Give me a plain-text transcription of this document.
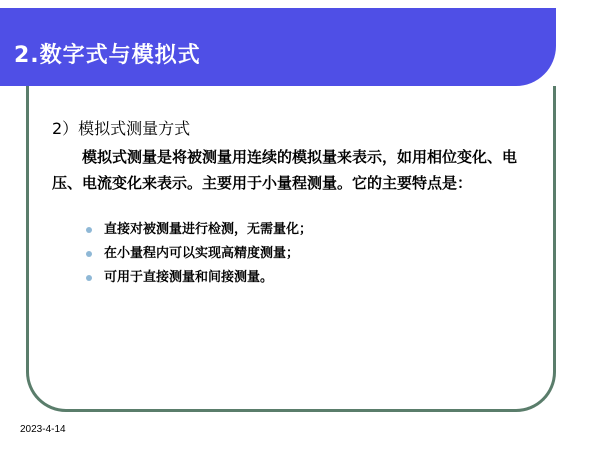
2.数字式与模拟式
2）模拟式测量方式
模拟式测量是将被测量用连续的模拟量来表示，如用相位变化、电压、电流变化来表示。主要用于小量程测量。它的主要特点是：
直接对被测量进行检测，无需量化；
在小量程内可以实现高精度测量；
可用于直接测量和间接测量。
2023-4-14
